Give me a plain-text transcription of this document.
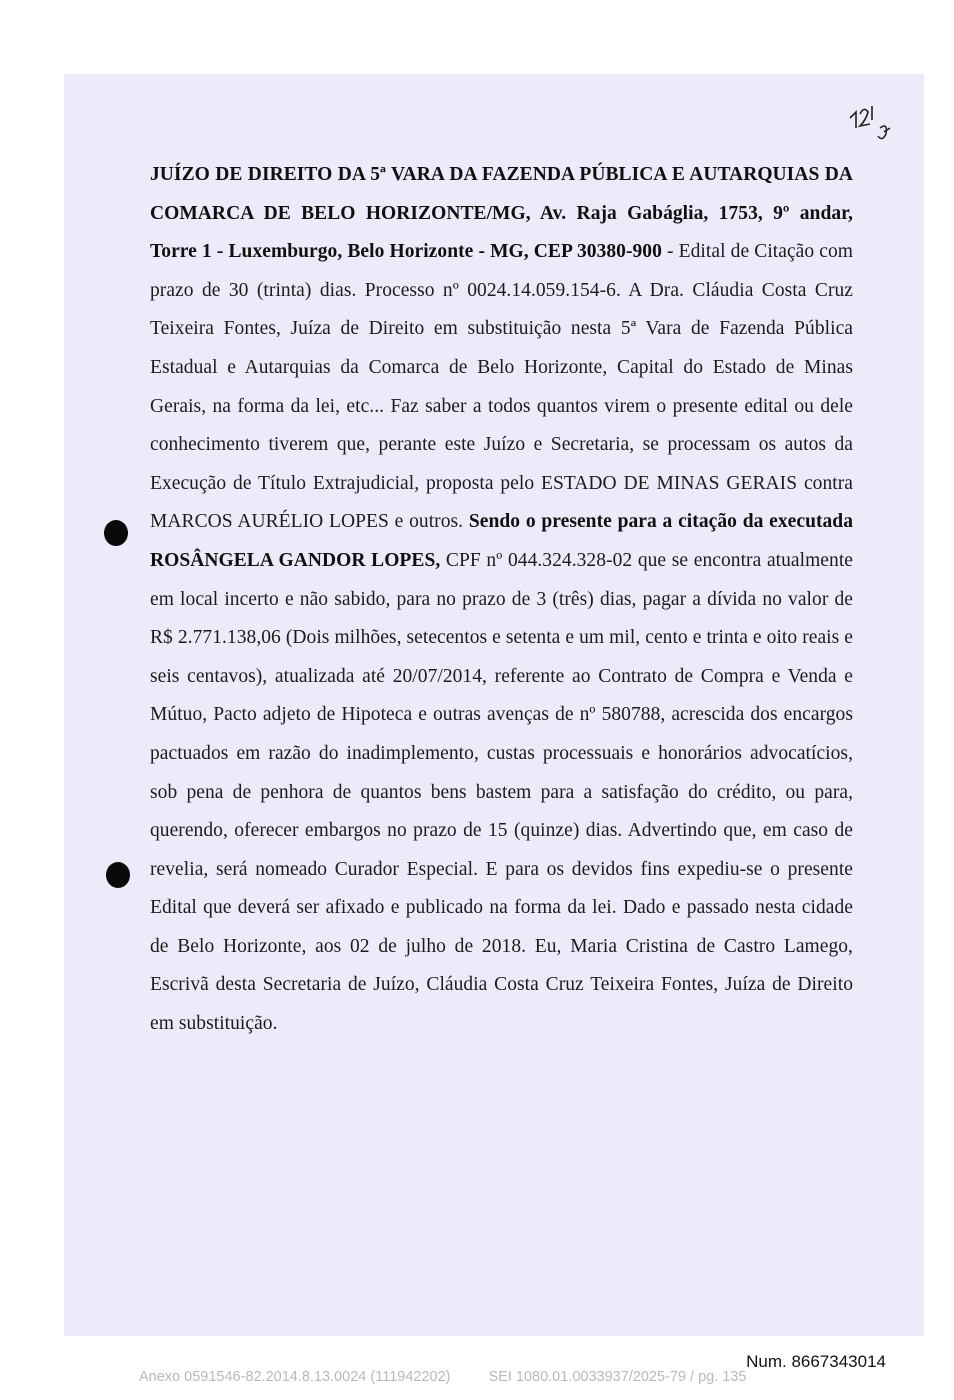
JUÍZO DE DIREITO DA 5ª VARA DA FAZENDA PÚBLICA E AUTARQUIAS DA COMARCA DE BELO HORIZONTE/MG, Av. Raja Gabáglia, 1753, 9º andar, Torre 1 - Luxemburgo, Belo Horizonte - MG, CEP 30380-900 - Edital de Citação com prazo de 30 (trinta) dias. Processo nº 0024.14.059.154-6. A Dra. Cláudia Costa Cruz Teixeira Fontes, Juíza de Direito em substituição nesta 5ª Vara de Fazenda Pública Estadual e Autarquias da Comarca de Belo Horizonte, Capital do Estado de Minas Gerais, na forma da lei, etc... Faz saber a todos quantos virem o presente edital ou dele conhecimento tiverem que, perante este Juízo e Secretaria, se processam os autos da Execução de Título Extrajudicial, proposta pelo ESTADO DE MINAS GERAIS contra MARCOS AURÉLIO LOPES e outros. Sendo o presente para a citação da executada ROSÂNGELA GANDOR LOPES, CPF nº 044.324.328-02 que se encontra atualmente em local incerto e não sabido, para no prazo de 3 (três) dias, pagar a dívida no valor de R$ 2.771.138,06 (Dois milhões, setecentos e setenta e um mil, cento e trinta e oito reais e seis centavos), atualizada até 20/07/2014, referente ao Contrato de Compra e Venda e Mútuo, Pacto adjeto de Hipoteca e outras avenças de nº 580788, acrescida dos encargos pactuados em razão do inadimplemento, custas processuais e honorários advocatícios, sob pena de penhora de quantos bens bastem para a satisfação do crédito, ou para, querendo, oferecer embargos no prazo de 15 (quinze) dias. Advertindo que, em caso de revelia, será nomeado Curador Especial. E para os devidos fins expediu-se o presente Edital que deverá ser afixado e publicado na forma da lei. Dado e passado nesta cidade de Belo Horizonte, aos 02 de julho de 2018. Eu, Maria Cristina de Castro Lamego, Escrivã desta Secretaria de Juízo, Cláudia Costa Cruz Teixeira Fontes, Juíza de Direito em substituição.
Num. 8667343014
Anexo 0591546-82.2014.8.13.0024 (111942202)	SEI 1080.01.0033937/2025-79 / pg. 135
